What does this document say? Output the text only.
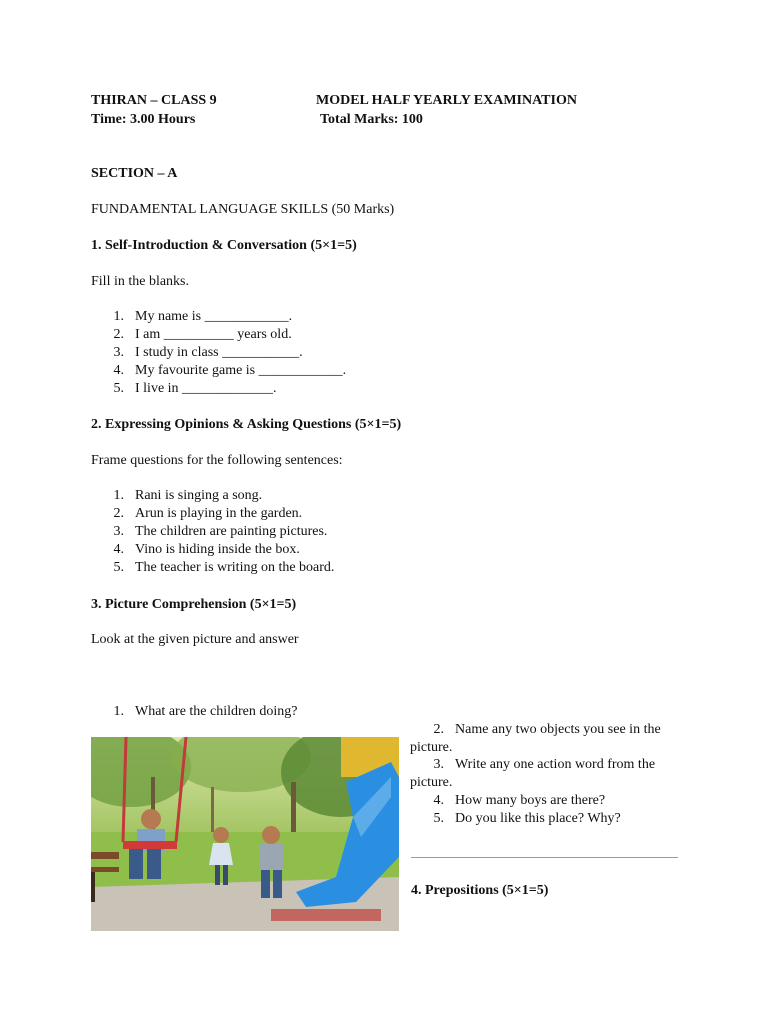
THIRAN – CLASS 9	MODEL HALF YEARLY EXAMINATION
Time: 3.00 Hours	Total Marks: 100
SECTION – A
FUNDAMENTAL LANGUAGE SKILLS (50 Marks)
1. Self-Introduction & Conversation (5×1=5)
Fill in the blanks.
1. My name is ____________.
2. I am __________ years old.
3. I study in class ___________.
4. My favourite game is ____________.
5. I live in _____________.
2. Expressing Opinions & Asking Questions (5×1=5)
Frame questions for the following sentences:
1. Rani is singing a song.
2. Arun is playing in the garden.
3. The children are painting pictures.
4. Vino is hiding inside the box.
5. The teacher is writing on the board.
3. Picture Comprehension (5×1=5)
Look at the given picture and answer
1. What are the children doing?
2. Name any two objects you see in the
picture.
3. Write any one action word from the
picture.
4. How many boys are there?
5. Do you like this place? Why?
4. Prepositions (5×1=5)
